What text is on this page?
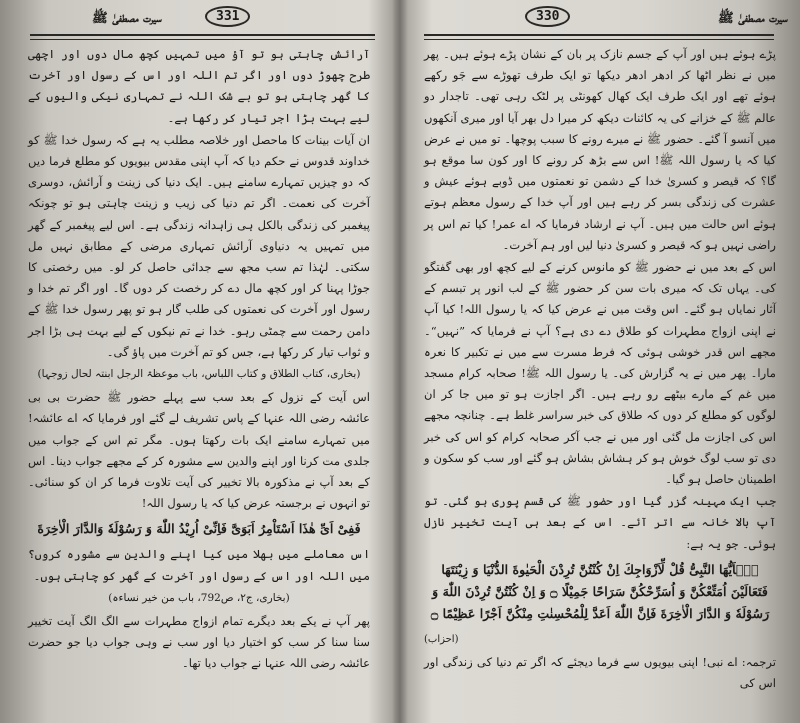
331
سیرت مصطفیٰ ﷺ

آرائش چاہتی ہو تو آؤ میں تمہیں کچھ مال دوں اور اچھی طرح چھوڑ دوں اور اگر تم اللہ اور اس کے رسول اور آخرت کا گھر چاہتی ہو تو بے شک اللہ نے تمہاری نیکی والیوں کے لیے بہت بڑا اجر تیار کر رکھا ہے۔

ان آیات بینات کا ماحصل اور خلاصہ مطلب یہ ہے کہ رسول خدا ﷺ کو خداوند قدوس نے حکم دیا کہ آپ اپنی مقدس بیویوں کو مطلع فرما دیں کہ دو چیزیں تمہارے سامنے ہیں۔ ایک دنیا کی زینت و آرائش، دوسری آخرت کی نعمت۔ اگر تم دنیا کی زیب و زینت چاہتی ہو تو چونکہ پیغمبر کی زندگی بالکل ہی زاہدانہ زندگی ہے۔ اس لیے پیغمبر کے گھر میں تمہیں یہ دنیاوی آرائش تمہاری مرضی کے مطابق نہیں مل سکتی۔ لہٰذا تم سب مجھ سے جدائی حاصل کر لو۔ میں رخصتی کا جوڑا پہنا کر اور کچھ مال دے کر رخصت کر دوں گا۔ اور اگر تم خدا و رسول اور آخرت کی نعمتوں کی طلب گار ہو تو پھر رسول خدا ﷺ کے دامن رحمت سے چمٹی رہو۔ خدا نے تم نیکوں کے لیے بہت ہی بڑا اجر و ثواب تیار کر رکھا ہے، جس کو تم آخرت میں پاؤ گی۔

(بخاری، کتاب الطلاق و کتاب اللباس، باب موعظۃ الرجل ابنتہ لحال زوجہا)

اس آیت کے نزول کے بعد سب سے پہلے حضور ﷺ حضرت بی بی عائشہ رضی اللہ عنہا کے پاس تشریف لے گئے اور فرمایا کہ اے عائشہ! میں تمہارے سامنے ایک بات رکھتا ہوں۔ مگر تم اس کے جواب میں جلدی مت کرنا اور اپنے والدین سے مشورہ کر کے مجھے جواب دینا۔ اس کے بعد آپ نے مذکورہ بالا تخییر کی آیت تلاوت فرما کر ان کو سنائی۔ تو انہوں نے برجستہ عرض کیا کہ یا رسول اللہ!

فَفِیْ اَیِّ هٰذَا اَسْتَاْمِرُ اَبَوَیَّ فَاِنِّیْ اُرِیْدُ اللّٰهَ وَ رَسُوْلَهٗ وَالدَّارَ الْاٰخِرَةَ

اس معاملے میں بھلا میں کیا اپنے والدین سے مشورہ کروں؟ میں اللہ اور اس کے رسول اور آخرت کے گھر کو چاہتی ہوں۔

(بخاری، ج۲، ص792، باب من خیر نساءہ)

پھر آپ نے یکے بعد دیگرے تمام ازواج مطہرات سے الگ الگ آیت تخییر سنا سنا کر سب کو اختیار دیا اور سب نے وہی جواب دیا جو حضرت عائشہ رضی اللہ عنہا نے جواب دیا تھا۔

330	سیرت مصطفیٰ ﷺ

پڑے ہوئے ہیں اور آپ کے جسم نازک پر بان کے نشان پڑے ہوئے ہیں۔ پھر میں نے نظر اٹھا کر ادھر ادھر دیکھا تو ایک طرف تھوڑے سے جَو رکھے ہوئے تھے اور ایک طرف ایک کھال کھونٹی پر لٹک رہی تھی۔ تاجدار دو عالم ﷺ کے خزانے کی یہ کائنات دیکھ کر میرا دل بھر آیا اور میری آنکھوں میں آنسو آ گئے۔ حضور ﷺ نے میرے رونے کا سبب پوچھا۔ تو میں نے عرض کیا کہ یا رسول اللہ ﷺ! اس سے بڑھ کر رونے کا اور کون سا موقع ہو گا؟ کہ قیصر و کسریٰ خدا کے دشمن تو نعمتوں میں ڈوبے ہوئے عیش و عشرت کی زندگی بسر کر رہے ہیں اور آپ خدا کے رسول معظم ہوتے ہوئے اس حالت میں ہیں۔ آپ نے ارشاد فرمایا کہ اے عمر! کیا تم اس پر راضی نہیں ہو کہ قیصر و کسریٰ دنیا لیں اور ہم آخرت۔

اس کے بعد میں نے حضور ﷺ کو مانوس کرنے کے لیے کچھ اور بھی گفتگو کی۔ یہاں تک کہ میری بات سن کر حضور ﷺ کے لب انور پر تبسم کے آثار نمایاں ہو گئے۔ اس وقت میں نے عرض کیا کہ یا رسول اللہ! کیا آپ نے اپنی ازواج مطہرات کو طلاق دے دی ہے؟ آپ نے فرمایا کہ ”نہیں“۔ مجھے اس قدر خوشی ہوئی کہ فرط مسرت سے میں نے تکبیر کا نعرہ مارا۔ پھر میں نے یہ گزارش کی۔ یا رسول اللہ ﷺ! صحابہ کرام مسجد میں غم کے مارے بیٹھے رو رہے ہیں۔ اگر اجازت ہو تو میں جا کر ان لوگوں کو مطلع کر دوں کہ طلاق کی خبر سراسر غلط ہے۔ چنانچہ مجھے اس کی اجازت مل گئی اور میں نے جب آکر صحابہ کرام کو اس کی خبر دی تو سب لوگ خوش ہو کر ہشاش بشاش ہو گئے اور سب کو سکون و اطمینان حاصل ہو گیا۔

جب ایک مہینہ گزر گیا اور حضور ﷺ کی قسم پوری ہو گئی۔ تو آپ بالا خانہ سے اتر آئے۔ اس کے بعد ہی آیت تخییر نازل ہوئی۔ جو یہ ہے:

یٰۤاَیُّهَا النَّبِیُّ قُلْ لِّاَزْوَاجِكَ اِنْ كُنْتُنَّ تُرِدْنَ الْحَیٰوةَ الدُّنْیَا وَ زِیْنَتَهَا فَتَعَالَیْنَ اُمَتِّعْكُنَّ وَ اُسَرِّحْكُنَّ سَرَاحًا جَمِیْلًا ۝ وَ اِنْ كُنْتُنَّ تُرِدْنَ اللّٰهَ وَ رَسُوْلَهٗ وَ الدَّارَ الْاٰخِرَةَ فَاِنَّ اللّٰهَ اَعَدَّ لِلْمُحْسِنٰتِ مِنْكُنَّ اَجْرًا عَظِیْمًا ۝

(احزاب)

ترجمہ: اے نبی! اپنی بیویوں سے فرما دیجئے کہ اگر تم دنیا کی زندگی اور اس کی
